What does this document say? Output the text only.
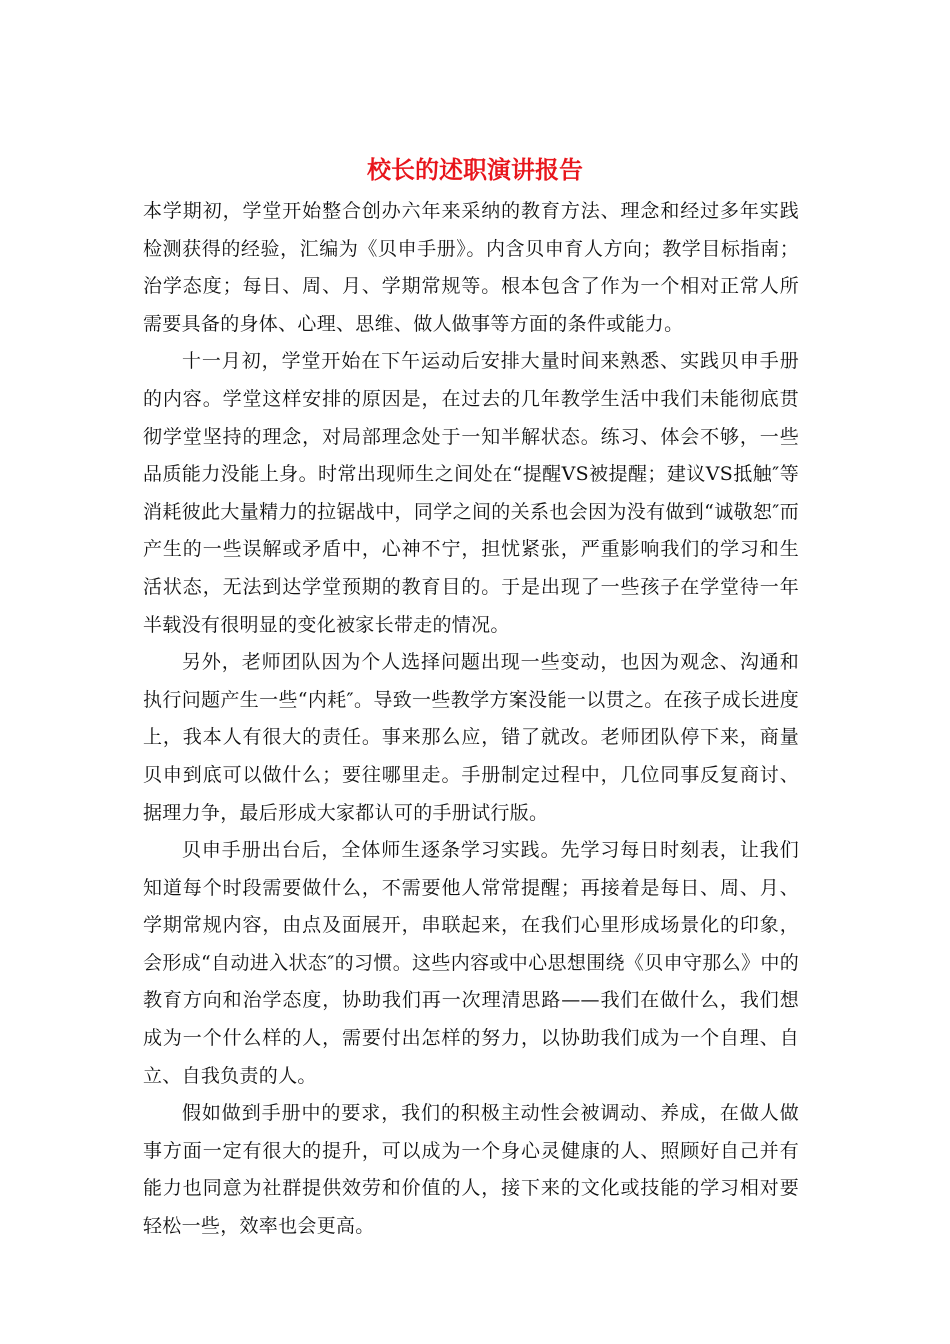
校长的述职演讲报告

本学期初，学堂开始整合创办六年来采纳的教育方法、理念和经过多年实践检测获得的经验，汇编为《贝申手册》。内含贝申育人方向；教学目标指南；治学态度；每日、周、月、学期常规等。根本包含了作为一个相对正常人所需要具备的身体、心理、思维、做人做事等方面的条件或能力。

十一月初，学堂开始在下午运动后安排大量时间来熟悉、实践贝申手册的内容。学堂这样安排的原因是，在过去的几年教学生活中我们未能彻底贯彻学堂坚持的理念，对局部理念处于一知半解状态。练习、体会不够，一些品质能力没能上身。时常出现师生之间处在“提醒VS被提醒；建议VS抵触″等消耗彼此大量精力的拉锯战中，同学之间的关系也会因为没有做到“诚敬恕″而产生的一些误解或矛盾中，心神不宁，担忧紧张，严重影响我们的学习和生活状态，无法到达学堂预期的教育目的。于是出现了一些孩子在学堂待一年半载没有很明显的变化被家长带走的情况。

另外，老师团队因为个人选择问题出现一些变动，也因为观念、沟通和执行问题产生一些“内耗″。导致一些教学方案没能一以贯之。在孩子成长进度上，我本人有很大的责任。事来那么应，错了就改。老师团队停下来，商量贝申到底可以做什么；要往哪里走。手册制定过程中，几位同事反复商讨、据理力争，最后形成大家都认可的手册试行版。

贝申手册出台后，全体师生逐条学习实践。先学习每日时刻表，让我们知道每个时段需要做什么，不需要他人常常提醒；再接着是每日、周、月、学期常规内容，由点及面展开，串联起来，在我们心里形成场景化的印象，会形成“自动进入状态″的习惯。这些内容或中心思想围绕《贝申守那么》中的教育方向和治学态度，协助我们再一次理清思路——我们在做什么，我们想成为一个什么样的人，需要付出怎样的努力，以协助我们成为一个自理、自立、自我负责的人。

假如做到手册中的要求，我们的积极主动性会被调动、养成，在做人做事方面一定有很大的提升，可以成为一个身心灵健康的人、照顾好自己并有能力也同意为社群提供效劳和价值的人，接下来的文化或技能的学习相对要轻松一些，效率也会更高。
